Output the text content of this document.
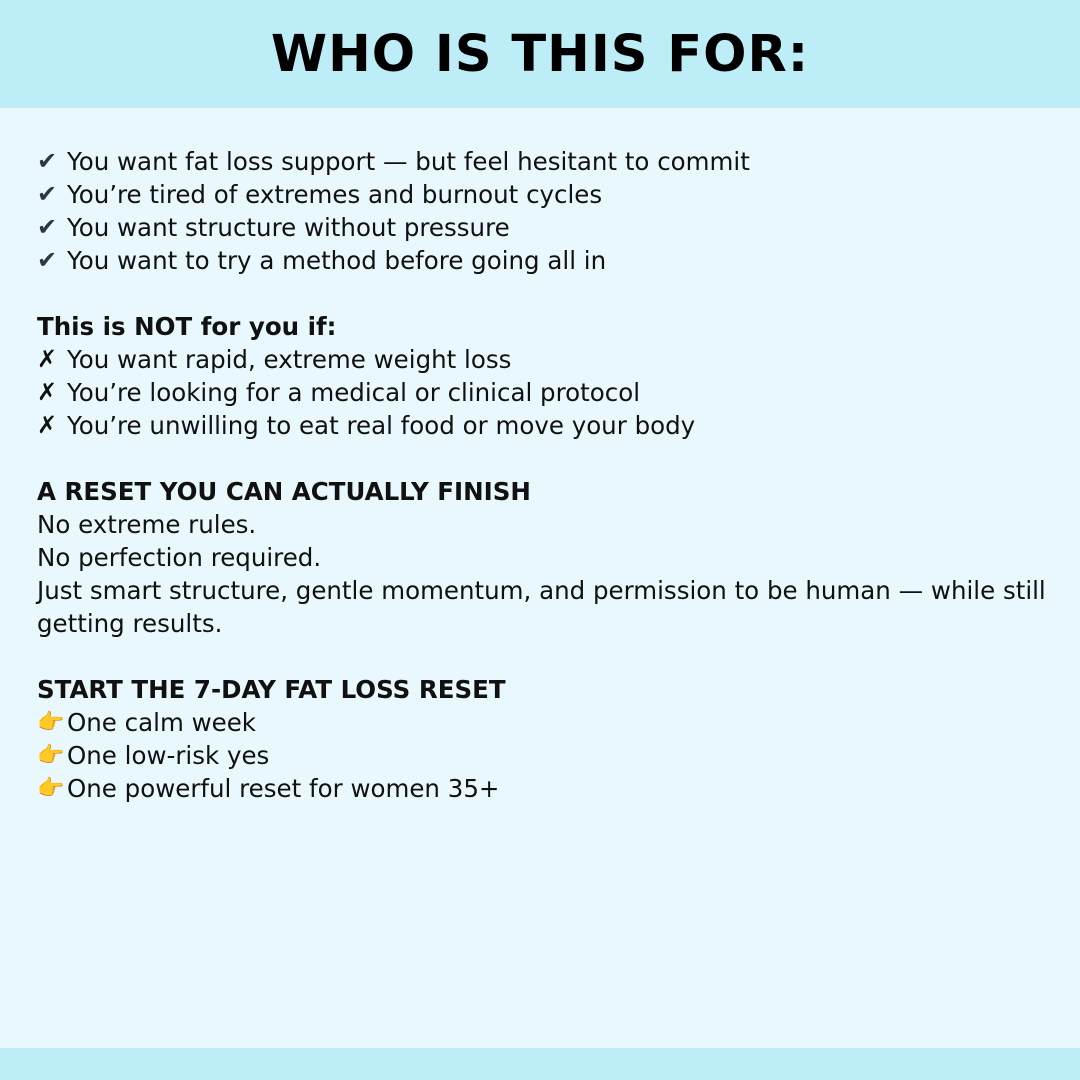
WHO IS THIS FOR:
✔ You want fat loss support — but feel hesitant to commit
✔ You’re tired of extremes and burnout cycles
✔ You want structure without pressure
✔ You want to try a method before going all in
This is NOT for you if:
✗ You want rapid, extreme weight loss
✗ You’re looking for a medical or clinical protocol
✗ You’re unwilling to eat real food or move your body
A RESET YOU CAN ACTUALLY FINISH
No extreme rules.
No perfection required.
Just smart structure, gentle momentum, and permission to be human — while still getting results.
START THE 7-DAY FAT LOSS RESET
👉 One calm week
👉 One low-risk yes
👉 One powerful reset for women 35+
